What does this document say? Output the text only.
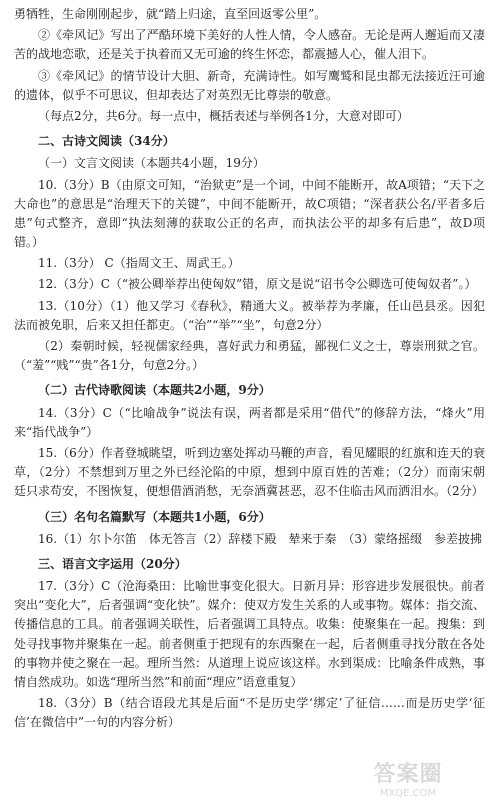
勇牺牲，生命刚刚起步，就“踏上归途，直至回返零公里”。

②《牵风记》写出了严酷环境下美好的人性人情，令人感奋。无论是两人邂逅而又凄苦的战地恋歌，还是关于执着而又无可逾的终生怀恋，都震撼人心，催人泪下。

③《牵风记》的情节设计大胆、新奇，充满诗性。如写鹰鹫和昆虫都无法接近汪可逾的遗体，似乎不可思议，但却表达了对英烈无比尊崇的敬意。

（每点2分，共6分。每一点中，概括表述与举例各1分，大意对即可）

二、古诗文阅读（34分）

（一）文言文阅读（本题共4小题，19分）

10.（3分）B（由原文可知，“治狱吏”是一个词，中间不能断开，故A项错；“天下之大命也”的意思是“治理天下的关键”，中间不能断开，故C项错；“深者获公名/平者多后患”句式整齐，意即“执法刻薄的获取公正的名声，而执法公平的却多有后患”，故D项错。）

11.（3分） C（指周文王、周武王。）

12.（3分）C（“被公卿举荐出使匈奴”错，原文是说“诏书令公卿选可使匈奴者”。）

13.（10分）（1）他又学习《春秋》，精通大义。被举荐为孝廉，任山邑县丞。因犯法而被免职，后来又担任都吏。（“治”“举”“坐”，句意2分）

（2）秦朝时候，轻视儒家经典，喜好武力和勇猛，鄙视仁义之士，尊崇刑狱之官。（“羞”“贱”“贵”各1分，句意2分。）

（二）古代诗歌阅读（本题共2小题，9分）

14.（3分）C（“比喻战争”说法有误，两者都是采用“借代”的修辞方法，“烽火”用来“指代战争”）

15.（6分）作者登城眺望，听到边塞处挥动马鞭的声音，看见耀眼的红旗和连天的衰草，（2分）不禁想到万里之外已经沦陷的中原，想到中原百姓的苦难；（2分）而南宋朝廷只求苟安，不图恢复，便想借酒消愁，无奈酒冀甚恶，忍不住临击风而洒泪水。（2分）

（三）名句名篇默写（本题共1小题，6分）

16.（1）尔卜尔笛　体无答言（2）辞楼下殿　辇来于秦　（3）蒙络摇缀　参差披拂

三、语言文字运用（20分）

17.（3分）C（沧海桑田：比喻世事变化很大。日新月异：形容进步发展很快。前者突出“变化大”，后者强调“变化快”。媒介：使双方发生关系的人或事物。媒体：指交流、传播信息的工具。前者强调关联性，后者强调工具特点。收集：使聚集在一起。搜集：到处寻找事物并聚集在一起。前者侧重于把现有的东西聚在一起，后者侧重寻找分散在各处的事物并使之聚在一起。理所当然：从道理上说应该这样。水到渠成：比喻条件成熟，事情自然成功。如选“理所当然”和前面“理应”语意重复）

18.（3分）B（结合语段尤其是后面“不是历史学‘绑定’了征信……而是历史学‘征信’在微信中”一句的内容分析）

答案圈
MXQE.COM
